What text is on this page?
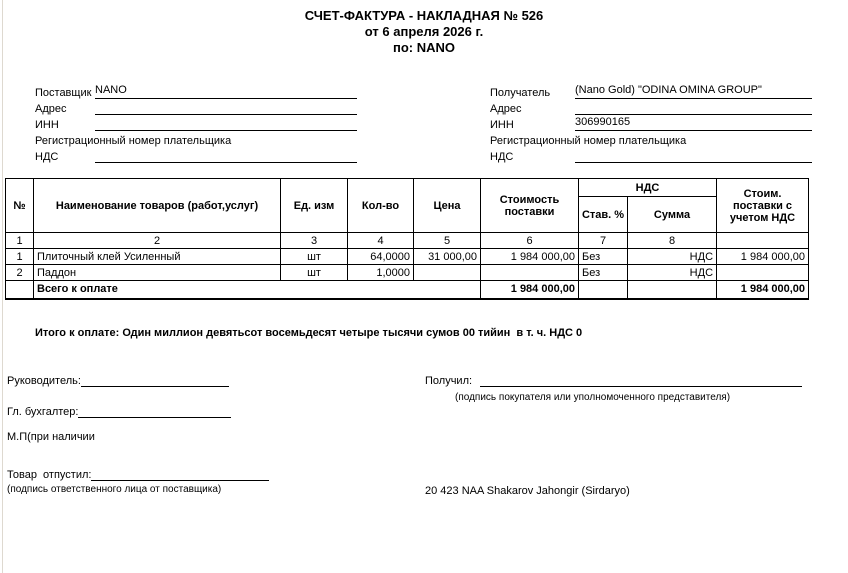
СЧЕТ-ФАКТУРА - НАКЛАДНАЯ № 526
от 6 апреля 2026 г.
по: NANO
Поставщик NANO
Адрес
ИНН
Регистрационный номер плательщика
НДС
Получатель	(Nano Gold) "ODINA OMINA GROUP"
Адрес
ИНН	306990165
Регистрационный номер плательщика
НДС
№	Наименование товаров (работ,услуг)	Ед. изм	Кол-во	Цена	Стоимость поставки	НДС		Стоим. поставки с учетом НДС
						Став. %	Сумма	
1	2	3	4	5	6	7	8	
1	Плиточный клей Усиленный	шт	64,0000	31 000,00	1 984 000,00	Без	НДС	1 984 000,00
2	Паддон	шт	1,0000			Без	НДС	
	Всего к оплате				1 984 000,00			1 984 000,00
Итого к оплате: Один миллион девятьсот восемьдесят четыре тысячи сумов 00 тийин  в т. ч. НДС 0
Руководитель:	Получил:
(подпись покупателя или уполномоченного представителя)
Гл. бухгалтер:
М.П(при наличии
Товар  отпустил:
(подпись ответственного лица от поставщика)	20 423 NAA Shakarov Jahongir (Sirdaryo)
